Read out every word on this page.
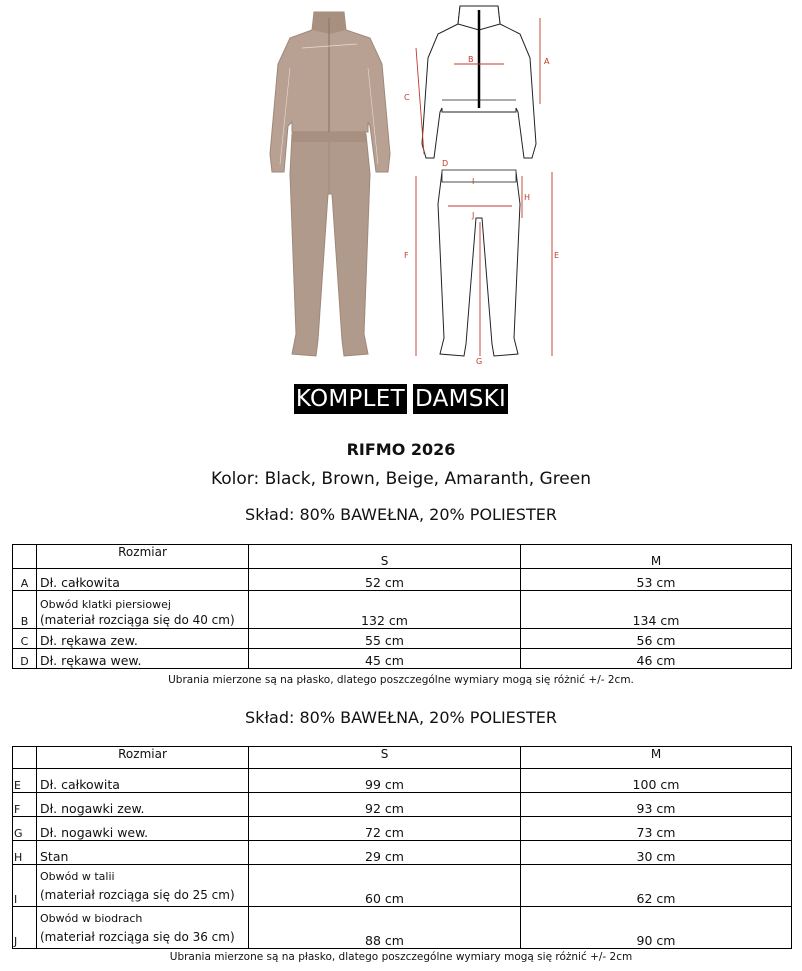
A
B
C
D
E
F
G
H
I
J
KOMPLET DAMSKI
RIFMO 2026
Kolor: Black, Brown, Beige, Amaranth, Green
Skład: 80% BAWEŁNA, 20% POLIESTER
	Rozmiar	S	M
A	Dł. całkowita	52 cm	53 cm
B	Obwód klatki piersiowej
(materiał rozciąga się do 40 cm)	132 cm	134 cm
C	Dł. rękawa zew.	55 cm	56 cm
D	Dł. rękawa wew.	45 cm	46 cm
Ubrania mierzone są na płasko, dlatego poszczególne wymiary mogą się różnić +/- 2cm.
Skład: 80% BAWEŁNA, 20% POLIESTER
	Rozmiar	S	M
E	Dł. całkowita	99 cm	100 cm
F	Dł. nogawki zew.	92 cm	93 cm
G	Dł. nogawki wew.	72 cm	73 cm
H	Stan	29 cm	30 cm
I	Obwód w talii
(materiał rozciąga się do 25 cm)	60 cm	62 cm
J	Obwód w biodrach
(materiał rozciąga się do 36 cm)	88 cm	90 cm
Ubrania mierzone są na płasko, dlatego poszczególne wymiary mogą się różnić +/- 2cm
